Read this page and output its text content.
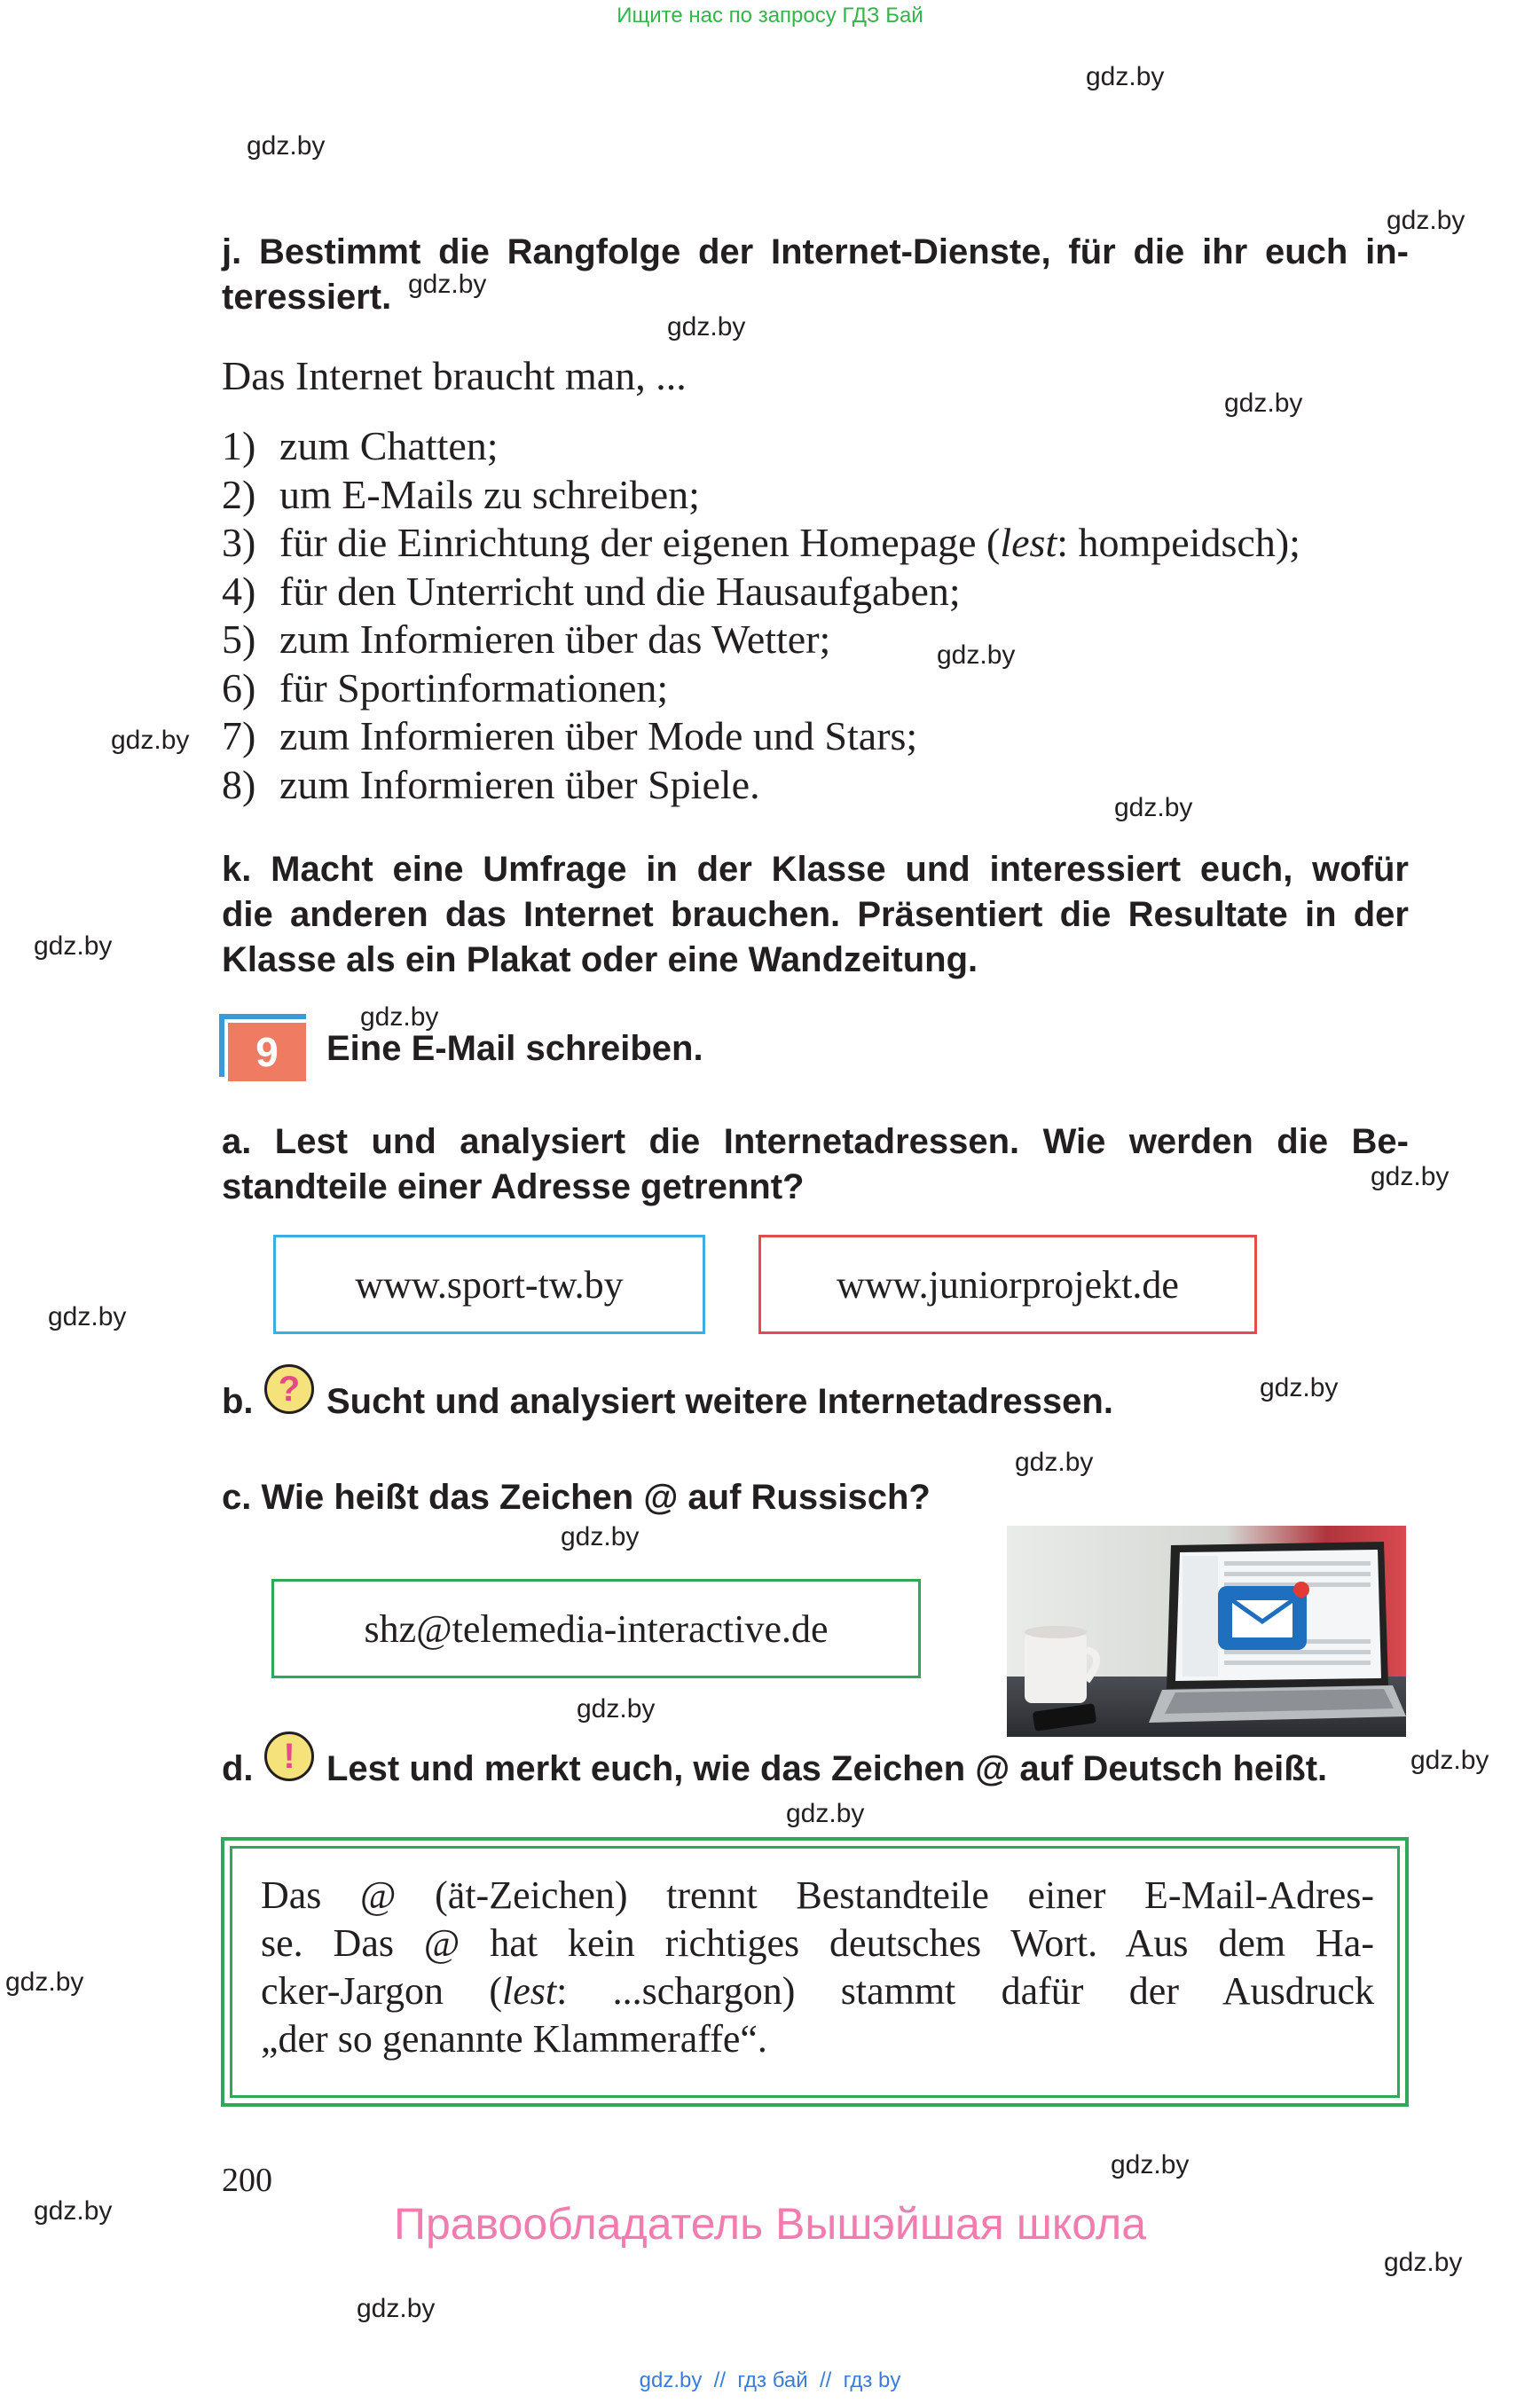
Ищите нас по запросу ГДЗ Бай
gdz.by
gdz.by
gdz.by
gdz.by
gdz.by
gdz.by
gdz.by
gdz.by
gdz.by
gdz.by
gdz.by
gdz.by
gdz.by
gdz.by
gdz.by
gdz.by
gdz.by
gdz.by
gdz.by
gdz.by
gdz.by
gdz.by
gdz.by
gdz.by
j. Bestimmt die Rangfolge der Internet-Dienste, für die ihr euch in-
teressiert.
Das Internet braucht man, ...
1) zum Chatten;
2) um E-Mails zu schreiben;
3) für die Einrichtung der eigenen Homepage (lest: hompeidsch);
4) für den Unterricht und die Hausaufgaben;
5) zum Informieren über das Wetter;
6) für Sportinformationen;
7) zum Informieren über Mode und Stars;
8) zum Informieren über Spiele.
k. Macht eine Umfrage in der Klasse und interessiert euch, wofür
die anderen das Internet brauchen. Präsentiert die Resultate in der
Klasse als ein Plakat oder eine Wandzeitung.
9	Eine E-Mail schreiben.
a. Lest und analysiert die Internetadressen. Wie werden die Be-
standteile einer Adresse getrennt?
www.sport-tw.by	www.juniorprojekt.de
b. ? Sucht und analysiert weitere Internetadressen.
c. Wie heißt das Zeichen @ auf Russisch?
shz@telemedia-interactive.de
d. ! Lest und merkt euch, wie das Zeichen @ auf Deutsch heißt.
Das @ (ät-Zeichen) trennt Bestandteile einer E-Mail-Adres-
se. Das @ hat kein richtiges deutsches Wort. Aus dem Ha-
cker-Jargon (lest: ...schargon) stammt dafür der Ausdruck
„der so genannte Klammeraffe“.
200
Правообладатель Вышэйшая школа
gdz.by  //  гдз бай  //  гдз by
